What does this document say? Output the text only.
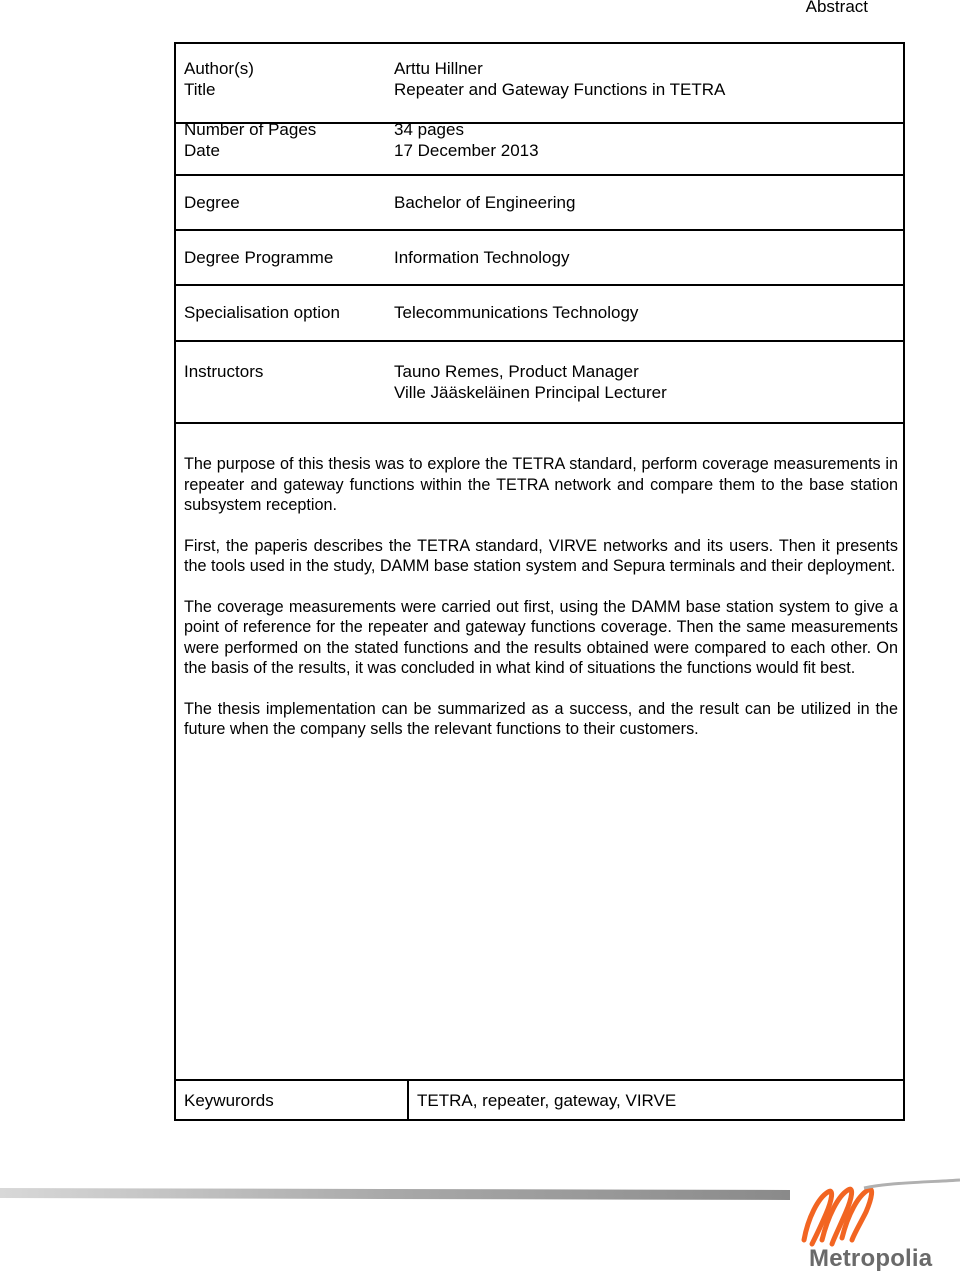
Abstract
Author(s)	Arttu Hillner
Title	Repeater and Gateway Functions in TETRA
Number of Pages	34 pages
Date	17 December 2013
Degree	Bachelor of Engineering
Degree Programme	Information Technology
Specialisation option	Telecommunications Technology
Instructors	Tauno Remes, Product Manager
Ville Jääskeläinen Principal Lecturer

The purpose of this thesis was to explore the TETRA standard, perform coverage measurements in repeater and gateway functions within the TETRA network and compare them to the base station subsystem reception.

First, the paperis describes the TETRA standard, VIRVE networks and its users. Then it presents the tools used in the study, DAMM base station system and Sepura terminals and their deployment.

The coverage measurements were carried out first, using the DAMM base station system to give a point of reference for the repeater and gateway functions coverage. Then the same measurements were performed on the stated functions and the results obtained were compared to each other. On the basis of the results, it was concluded in what kind of situations the functions would fit best.

The thesis implementation can be summarized as a success, and the result can be utilized in the future when the company sells the relevant functions to their customers.

Keywurords	TETRA, repeater, gateway, VIRVE
Metropolia
